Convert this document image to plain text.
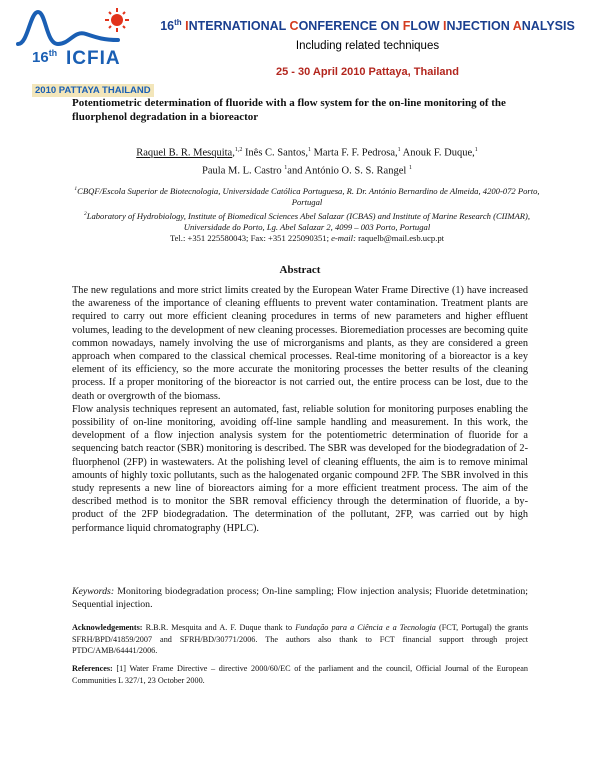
16th ICFIA
2010 PATTAYA THAILAND
16th INTERNATIONAL CONFERENCE ON FLOW INJECTION ANALYSIS
Including related techniques
25 - 30 April 2010 Pattaya, Thailand
Potentiometric determination of fluoride with a flow system for the on-line monitoring of the fluorphenol degradation in a bioreactor
Raquel B. R. Mesquita,$^{1,2}$ Inês C. Santos,$^1$ Marta F. F. Pedrosa,$^1$ Anouk F. Duque,$^1$
Paula M. L. Castro $^1$and António O. S. S. Rangel $^1$
$^1$CBQF/Escola Superior de Biotecnologia, Universidade Católica Portuguesa, R. Dr. António Bernardino de Almeida, 4200-072 Porto, Portugal
$^2$Laboratory of Hydrobiology, Institute of Biomedical Sciences Abel Salazar (ICBAS) and Institute of Marine Research (CIIMAR), Universidade do Porto, Lg. Abel Salazar 2, 4099 – 003 Porto, Portugal
Tel.: +351 225580043; Fax: +351 225090351; e-mail: raquelb@mail.esb.ucp.pt
Abstract

The new regulations and more strict limits created by the European Water Frame Directive (1) have increased the awareness of the importance of cleaning effluents to prevent water contamination. Treatment plants are required to carry out more efficient cleaning procedures in terms of new parameters and higher effluent volumes, leading to the development of new cleaning processes. Bioremediation processes are becoming quite common nowadays, namely involving the use of microrganisms and plants, as they are considered a green approach when compared to the classical chemical processes. Real-time monitoring of a bioreactor is a key element of its efficiency, so the more accurate the monitoring processes the better results of the cleaning process. If a proper monitoring of the bioreactor is not carried out, the entire process can be lost, due to the death or overgrowth of the biomass.

Flow analysis techniques represent an automated, fast, reliable solution for monitoring purposes enabling the possibility of on-line monitoring, avoiding off-line sample handling and measurement. In this work, the development of a flow injection analysis system for the potentiometric determination of fluoride for a sequencing batch reactor (SBR) monitoring is described. The SBR was developed for the biodegradation of 2-fluorphenol (2FP) in wastewaters. At the polishing level of cleaning effluents, the aim is to remove minimal amounts of highly toxic pollutants, such as the halogenated organic compound 2FP. The SBR involved in this study represents a new line of bioreactors aiming for a more efficient treatment process. The aim of the described method is to monitor the SBR removal efficiency through the determination of fluoride, a by-product of the 2FP biodegradation. The determination of the pollutant, 2FP, was carried out by high performance liquid chromatography (HPLC).

Keywords: Monitoring biodegradation process; On-line sampling; Flow injection analysis; Fluoride detetmination; Sequential injection.
Acknowledgements: R.B.R. Mesquita and A. F. Duque thank to Fundação para a Ciência e a Tecnologia (FCT, Portugal) the grants SFRH/BPD/41859/2007 and SFRH/BD/30771/2006. The authors also thank to FCT financial support through project PTDC/AMB/64441/2006.
References: [1] Water Frame Directive – directive 2000/60/EC of the parliament and the council, Official Journal of the European Communities L 327/1, 23 October 2000.
